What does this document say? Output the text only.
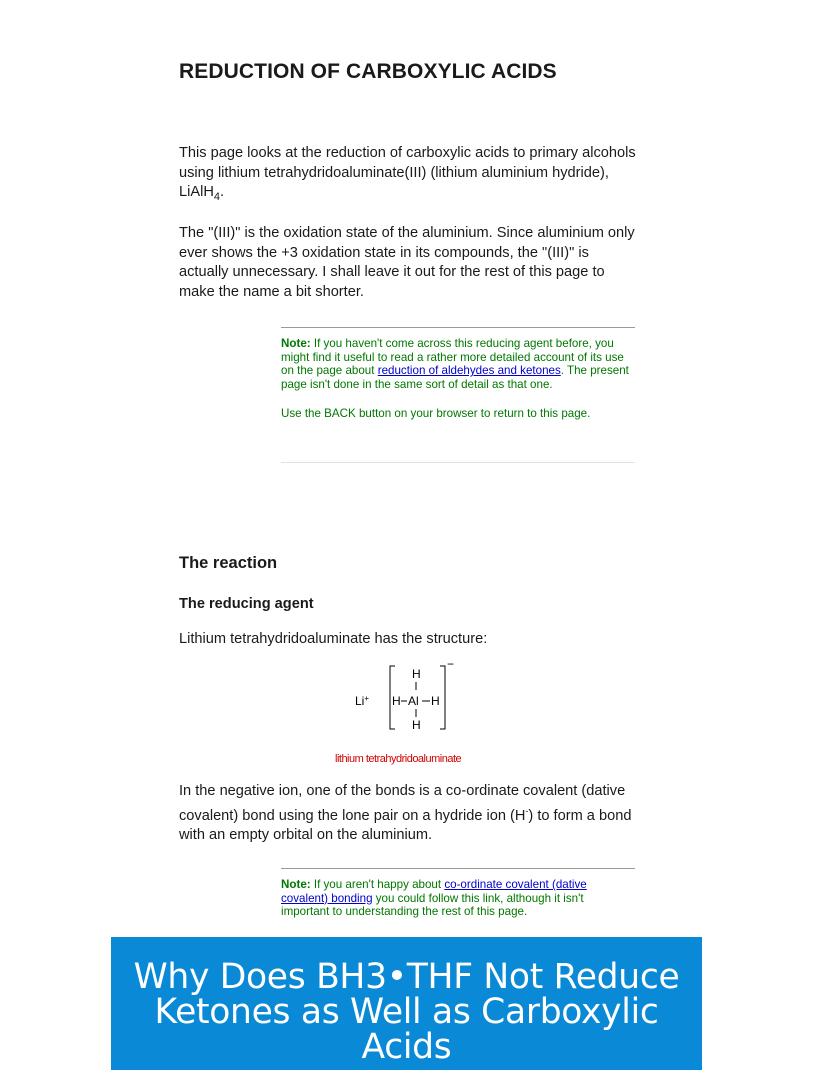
REDUCTION OF CARBOXYLIC ACIDS

This page looks at the reduction of carboxylic acids to primary alcohols using lithium tetrahydridoaluminate(III) (lithium aluminium hydride), LiAlH$_4$.

The "(III)" is the oxidation state of the aluminium. Since aluminium only ever shows the +3 oxidation state in its compounds, the "(III)" is actually unnecessary. I shall leave it out for the rest of this page to make the name a bit shorter.

Note: If you haven't come across this reducing agent before, you might find it useful to read a rather more detailed account of its use on the page about reduction of aldehydes and ketones. The present page isn't done in the same sort of detail as that one.

Use the BACK button on your browser to return to this page.

The reaction
The reducing agent

Lithium tetrahydridoaluminate has the structure:

Li+
−
H
H Al H
H
lithium tetrahydridoaluminate

In the negative ion, one of the bonds is a co-ordinate covalent (dative covalent) bond using the lone pair on a hydride ion (H-) to form a bond with an empty orbital on the aluminium.

Note: If you aren't happy about co-ordinate covalent (dative covalent) bonding you could follow this link, although it isn't important to understanding the rest of this page.

Why Does BH3•THF Not Reduce Ketones as Well as Carboxylic Acids
